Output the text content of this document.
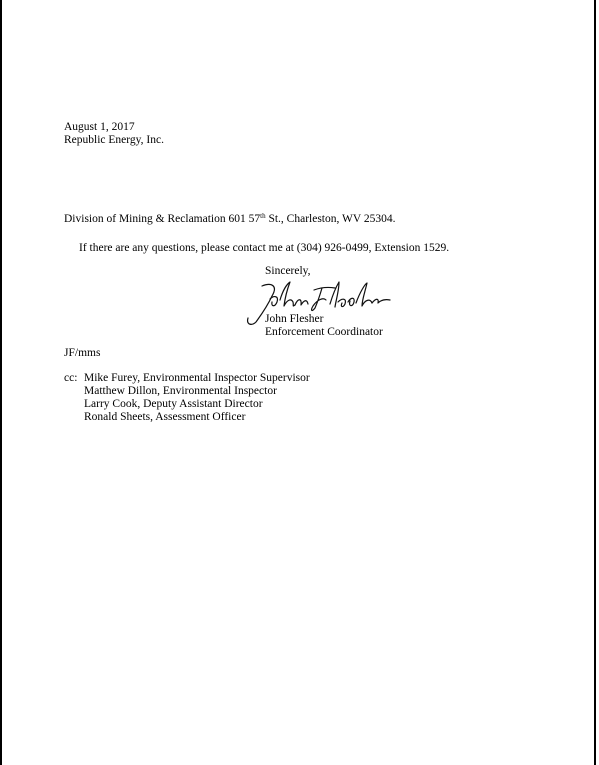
August 1, 2017
Republic Energy, Inc.
Division of Mining & Reclamation 601 57th St., Charleston, WV 25304.
If there are any questions, please contact me at (304) 926-0499, Extension 1529.
Sincerely,
John Flesher
Enforcement Coordinator
JF/mms
cc: Mike Furey, Environmental Inspector Supervisor
Matthew Dillon, Environmental Inspector
Larry Cook, Deputy Assistant Director
Ronald Sheets, Assessment Officer
